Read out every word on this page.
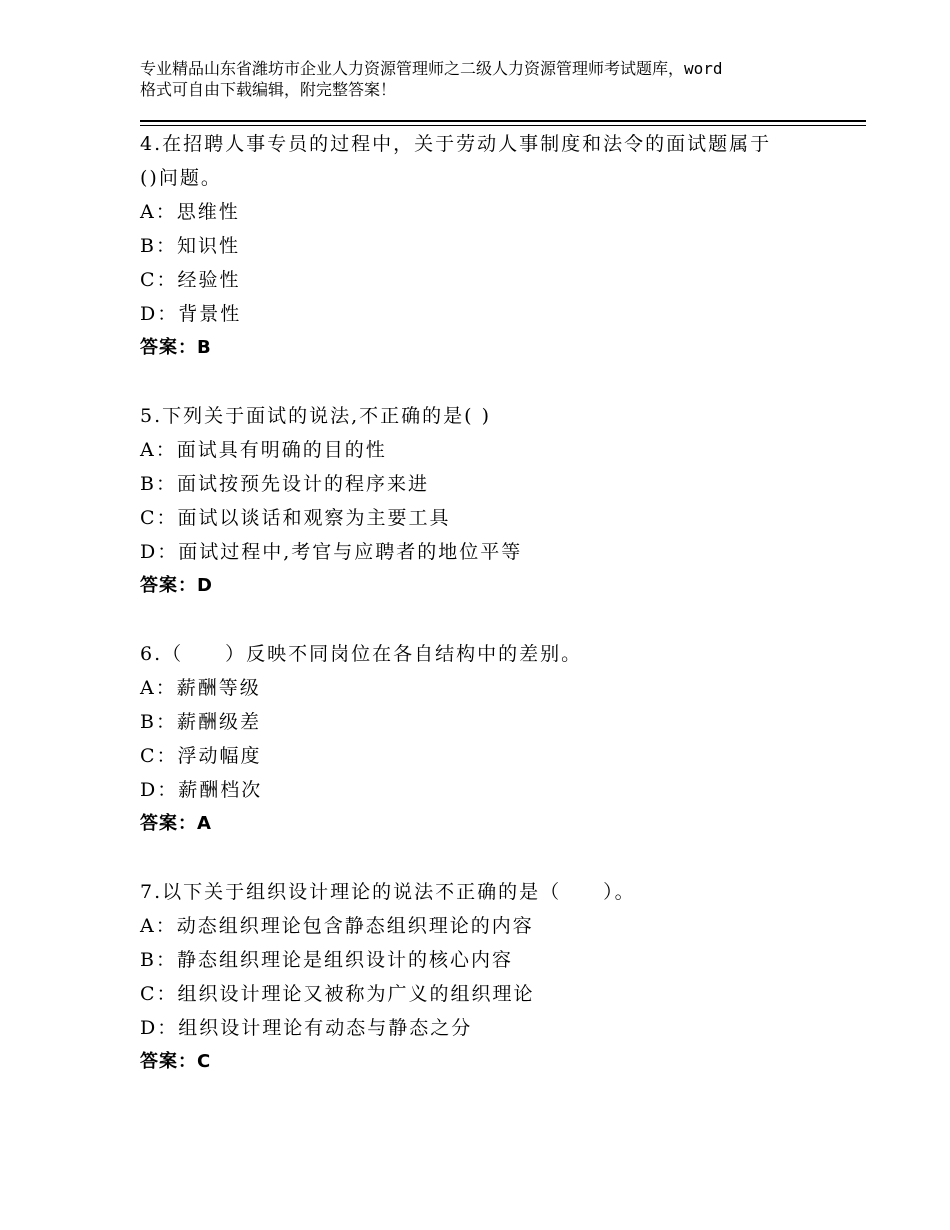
专业精品山东省潍坊市企业人力资源管理师之二级人力资源管理师考试题库，word
格式可自由下载编辑，附完整答案！
4.在招聘人事专员的过程中，关于劳动人事制度和法令的面试题属于
()问题。
A：思维性
B：知识性
C：经验性
D：背景性
答案：B
5.下列关于面试的说法,不正确的是( )
A：面试具有明确的目的性
B：面试按预先设计的程序来进
C：面试以谈话和观察为主要工具
D：面试过程中,考官与应聘者的地位平等
答案：D
6.（　　）反映不同岗位在各自结构中的差别。
A：薪酬等级
B：薪酬级差
C：浮动幅度
D：薪酬档次
答案：A
7.以下关于组织设计理论的说法不正确的是（　　）。
A：动态组织理论包含静态组织理论的内容
B：静态组织理论是组织设计的核心内容
C：组织设计理论又被称为广义的组织理论
D：组织设计理论有动态与静态之分
答案：C
